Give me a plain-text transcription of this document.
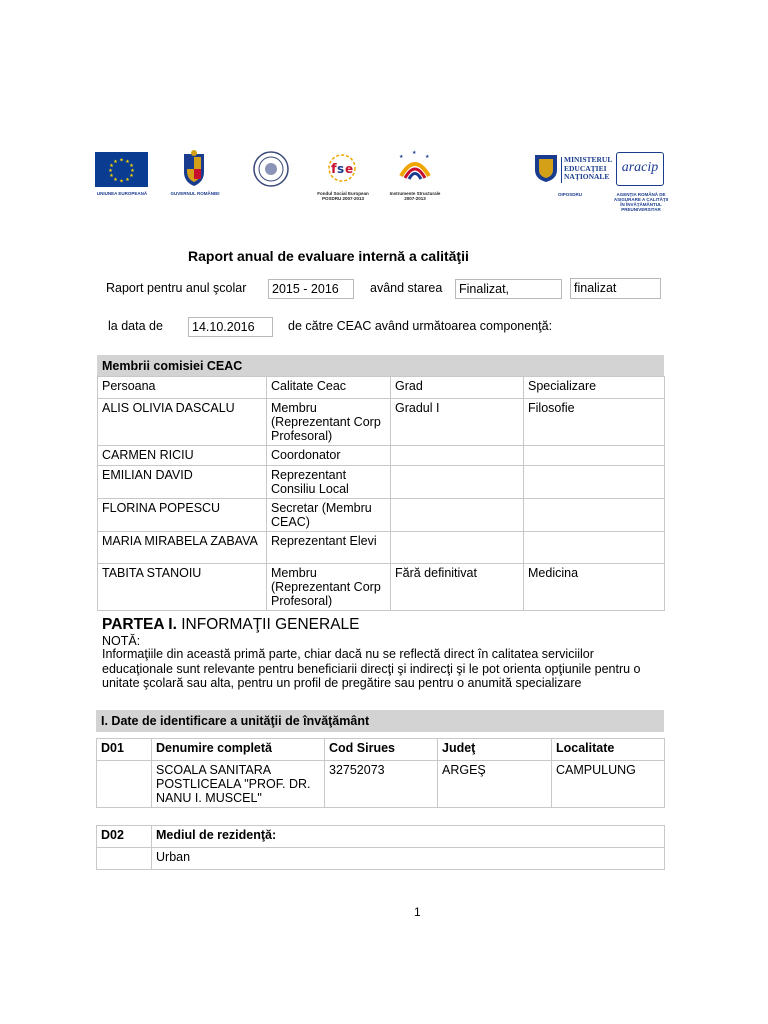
★ ★
★
★
★
★
★
★
★
★
★
★
UNIUNEA EUROPEANĂ	GUVERNUL ROMÂNIEI
f s e
Fondul Social European
POSDRU 2007-2013
★	★
★
Instrumente Structurale
2007-2013
MINISTERUL
EDUCAŢIEI
NAŢIONALE
OIPOSDRU
aracip
AGENŢIA ROMÂNĂ DE
ASIGURARE A CALITĂŢII
ÎN ÎNVĂŢĂMÂNTUL
PREUNIVERSITAR
Raport anual de evaluare internă a calităţii
Raport pentru anul şcolar	2015 - 2016	având starea	Finalizat,	finalizat
la data de	14.10.2016	de către CEAC având următoarea componenţă:
Membrii comisiei CEAC
Persoana	Calitate Ceac	Grad	Specializare
ALIS OLIVIA DASCALU	Membru (Reprezentant Corp Profesoral)	Gradul I	Filosofie
CARMEN RICIU	Coordonator		
EMILIAN DAVID	Reprezentant Consiliu Local		
FLORINA POPESCU	Secretar (Membru CEAC)		
MARIA MIRABELA ZABAVA	Reprezentant Elevi		
TABITA STANOIU	Membru (Reprezentant Corp Profesoral)	Fără definitivat	Medicina
PARTEA I. INFORMAŢII GENERALE
NOTĂ:
Informaţiile din această primă parte, chiar dacă nu se reflectă direct în calitatea serviciilor educaţionale sunt relevante pentru beneficiarii direcţi şi indirecţi şi le pot orienta opţiunile pentru o unitate şcolară sau alta, pentru un profil de pregătire sau pentru o anumită specializare
I. Date de identificare a unităţii de învăţământ
D01	Denumire completă	Cod Sirues	Judeţ	Localitate
	SCOALA SANITARA POSTLICEALA "PROF. DR. NANU I. MUSCEL"	32752073	ARGEŞ	CAMPULUNG
D02	Mediul de rezidenţă:
	Urban
1
